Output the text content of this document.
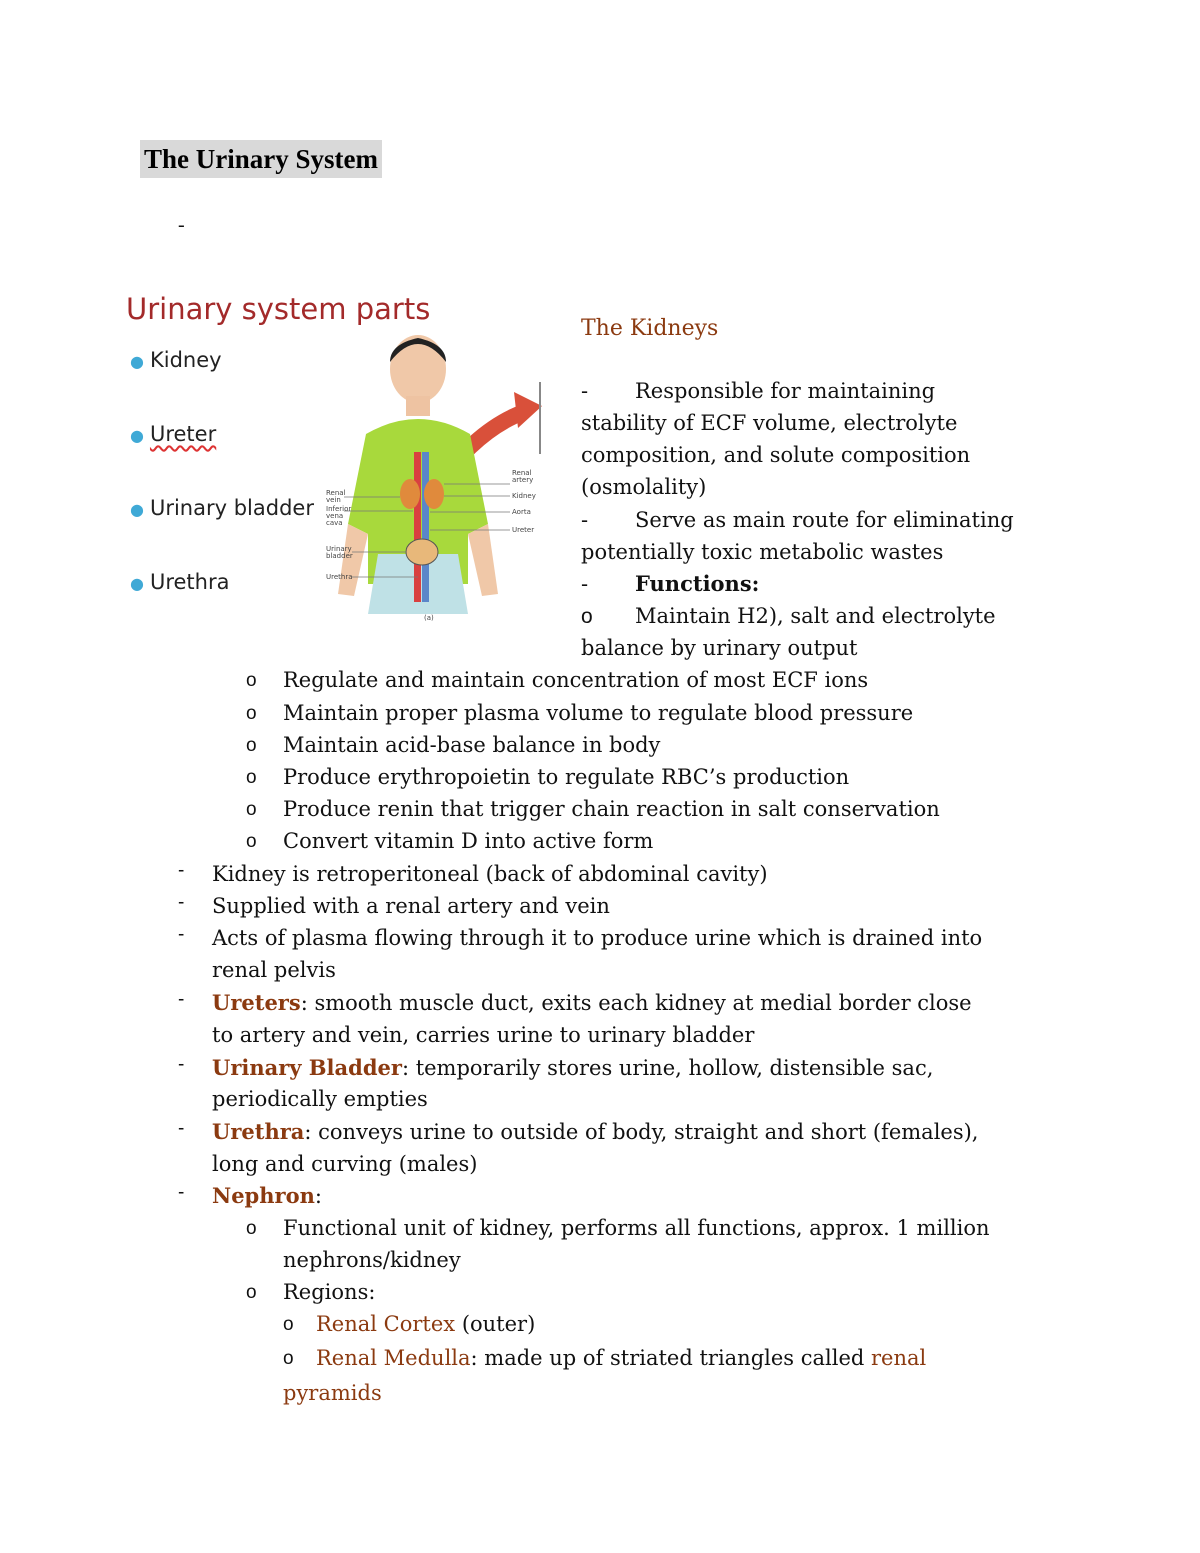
The Urinary System
-
Urinary system parts
● Kidney
● Ureter
● Urinary bladder
● Urethra
Renal vein
Inferior vena cava
Urinary bladder
Urethra
Renal artery
Kidney
Aorta
Ureter
(a)
The Kidneys
- Responsible for maintaining
stability of ECF volume, electrolyte
composition, and solute composition
(osmolality)
- Serve as main route for eliminating
potentially toxic metabolic wastes
- Functions:
o Maintain H2), salt and electrolyte
balance by urinary output
o Regulate and maintain concentration of most ECF ions
o Maintain proper plasma volume to regulate blood pressure
o Maintain acid-base balance in body
o Produce erythropoietin to regulate RBC’s production
o Produce renin that trigger chain reaction in salt conservation
o Convert vitamin D into active form
- Kidney is retroperitoneal (back of abdominal cavity)
- Supplied with a renal artery and vein
- Acts of plasma flowing through it to produce urine which is drained into
renal pelvis
- Ureters: smooth muscle duct, exits each kidney at medial border close
to artery and vein, carries urine to urinary bladder
- Urinary Bladder: temporarily stores urine, hollow, distensible sac,
periodically empties
- Urethra: conveys urine to outside of body, straight and short (females),
long and curving (males)
- Nephron:
o Functional unit of kidney, performs all functions, approx. 1 million
nephrons/kidney
o Regions:
o Renal Cortex (outer)
o Renal Medulla: made up of striated triangles called renal
pyramids
